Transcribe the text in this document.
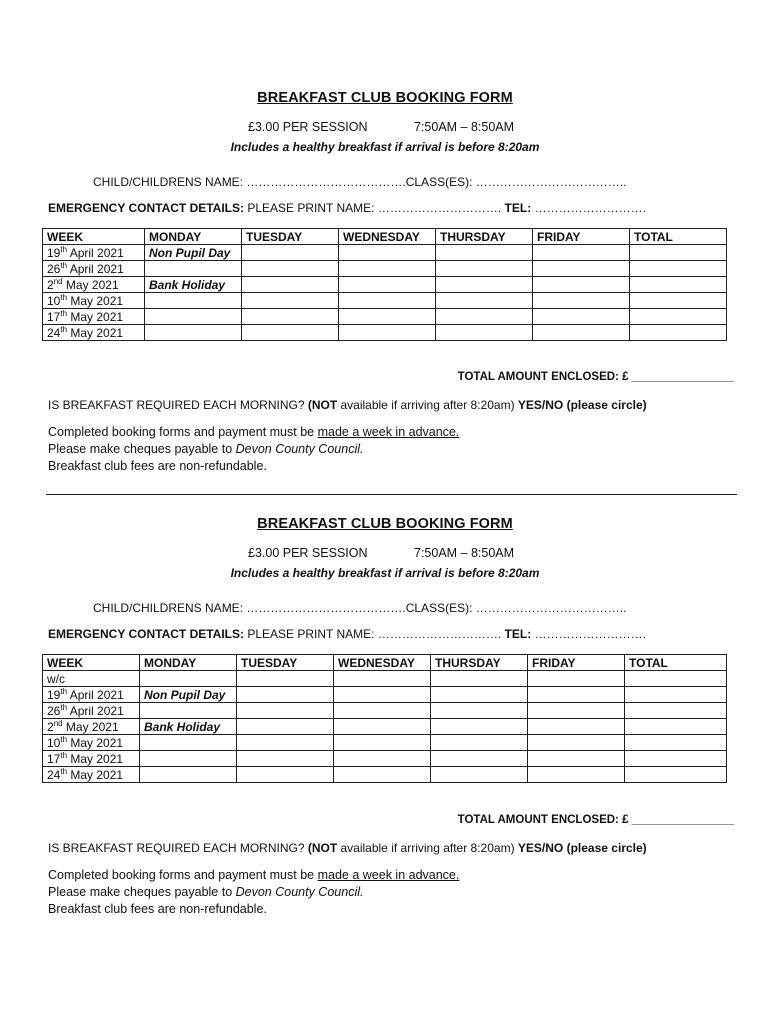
BREAKFAST CLUB BOOKING FORM
£3.00 PER SESSION	7:50AM – 8:50AM
Includes a healthy breakfast if arrival is before 8:20am
CHILD/CHILDRENS NAME: ………………………………….CLASS(ES): ………………………………..
EMERGENCY CONTACT DETAILS: PLEASE PRINT NAME: …………………………. TEL: ……………………….
WEEK	MONDAY	TUESDAY	WEDNESDAY	THURSDAY	FRIDAY	TOTAL
19th April 2021	Non Pupil Day					
26th April 2021						
2nd May 2021	Bank Holiday					
10th May 2021						
17th May 2021						
24th May 2021						
TOTAL AMOUNT ENCLOSED: £ ________________
IS BREAKFAST REQUIRED EACH MORNING? (NOT available if arriving after 8:20am) YES/NO (please circle)
Completed booking forms and payment must be made a week in advance.
Please make cheques payable to Devon County Council.
Breakfast club fees are non-refundable.
BREAKFAST CLUB BOOKING FORM
£3.00 PER SESSION	7:50AM – 8:50AM
Includes a healthy breakfast if arrival is before 8:20am
CHILD/CHILDRENS NAME: ………………………………….CLASS(ES): ………………………………..
EMERGENCY CONTACT DETAILS: PLEASE PRINT NAME: …………………………. TEL: ……………………….
WEEK	MONDAY	TUESDAY	WEDNESDAY	THURSDAY	FRIDAY	TOTAL
w/c						
19th April 2021	Non Pupil Day					
26th April 2021						
2nd May 2021	Bank Holiday					
10th May 2021						
17th May 2021						
24th May 2021						
TOTAL AMOUNT ENCLOSED: £ ________________
IS BREAKFAST REQUIRED EACH MORNING? (NOT available if arriving after 8:20am) YES/NO (please circle)
Completed booking forms and payment must be made a week in advance.
Please make cheques payable to Devon County Council.
Breakfast club fees are non-refundable.
